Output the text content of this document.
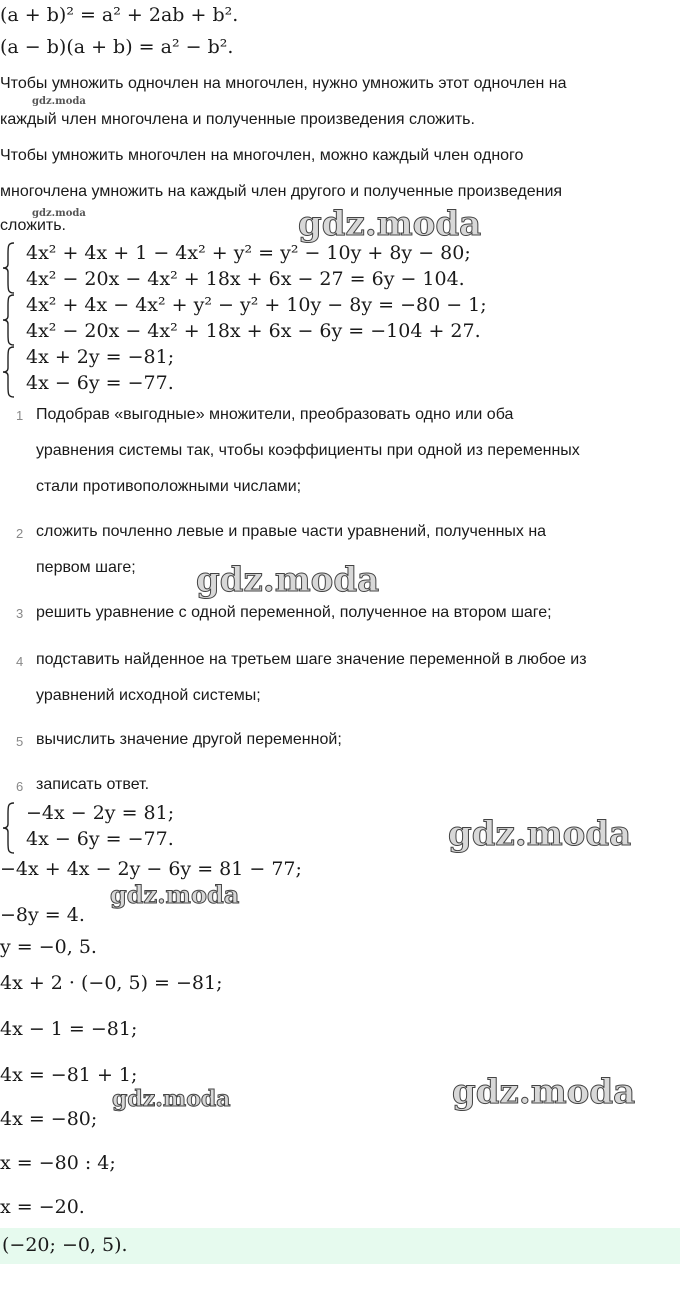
(a + b)² = a² + 2ab + b².
(a − b)(a + b) = a² − b².
Чтобы умножить одночлен на многочлен, нужно умножить этот одночлен на
gdz.moda
каждый член многочлена и полученные произведения сложить.
Чтобы умножить многочлен на многочлен, можно каждый член одного
многочлена умножить на каждый член другого и полученные произведения
gdz.moda
сложить.	gdz.moda
4x² + 4x + 1 − 4x² + y² = y² − 10y + 8y − 80;
4x² − 20x − 4x² + 18x + 6x − 27 = 6y − 104.
4x² + 4x − 4x² + y² − y² + 10y − 8y = −80 − 1;
4x² − 20x − 4x² + 18x + 6x − 6y = −104 + 27.
4x + 2y = −81;
4x − 6y = −77.
1 Подобрав «выгодные» множители, преобразовать одно или оба
уравнения системы так, чтобы коэффициенты при одной из переменных
стали противоположными числами;
2 сложить почленно левые и правые части уравнений, полученных на
первом шаге; gdz.moda
3 решить уравнение с одной переменной, полученное на втором шаге;
4 подставить найденное на третьем шаге значение переменной в любое из
уравнений исходной системы;
5 вычислить значение другой переменной;
6 записать ответ.
−4x − 2y = 81;
4x − 6y = −77.	gdz.moda
−4x + 4x − 2y − 6y = 81 − 77;
gdz.moda
−8y = 4.
y = −0, 5.
4x + 2 · (−0, 5) = −81;
4x − 1 = −81;
4x = −81 + 1;	gdz.moda
gdz.moda
4x = −80;
x = −80 : 4;
x = −20.
(−20; −0, 5).
